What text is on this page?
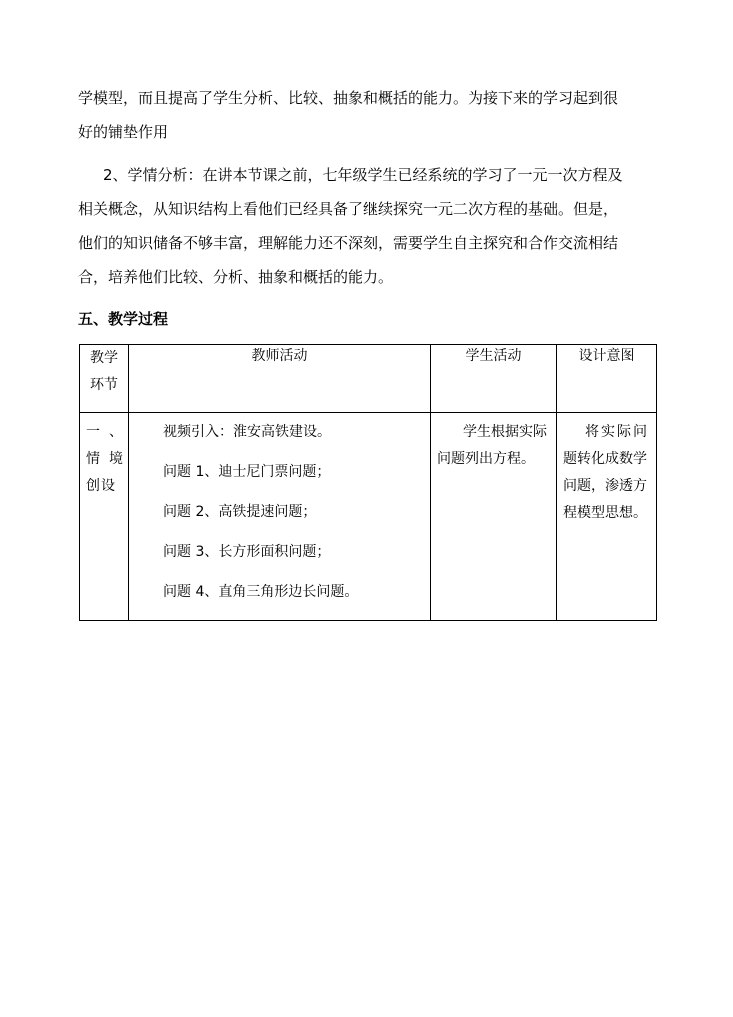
学模型，而且提高了学生分析、比较、抽象和概括的能力。为接下来的学习起到很
好的铺垫作用
2、学情分析：在讲本节课之前，七年级学生已经系统的学习了一元一次方程及
相关概念，从知识结构上看他们已经具备了继续探究一元二次方程的基础。但是，
他们的知识储备不够丰富，理解能力还不深刻，需要学生自主探究和合作交流相结
合，培养他们比较、分析、抽象和概括的能力。
五、教学过程
教学
环节	教师活动	学生活动	设计意图

一 、
情 境
创设	视频引入：淮安高铁建设。
问题 1、迪士尼门票问题；
问题 2、高铁提速问题；
问题 3、长方形面积问题；
问题 4、直角三角形边长问题。	学生根据实际
问题列出方程。	将实际问
题转化成数学
问题，渗透方
程模型思想。
